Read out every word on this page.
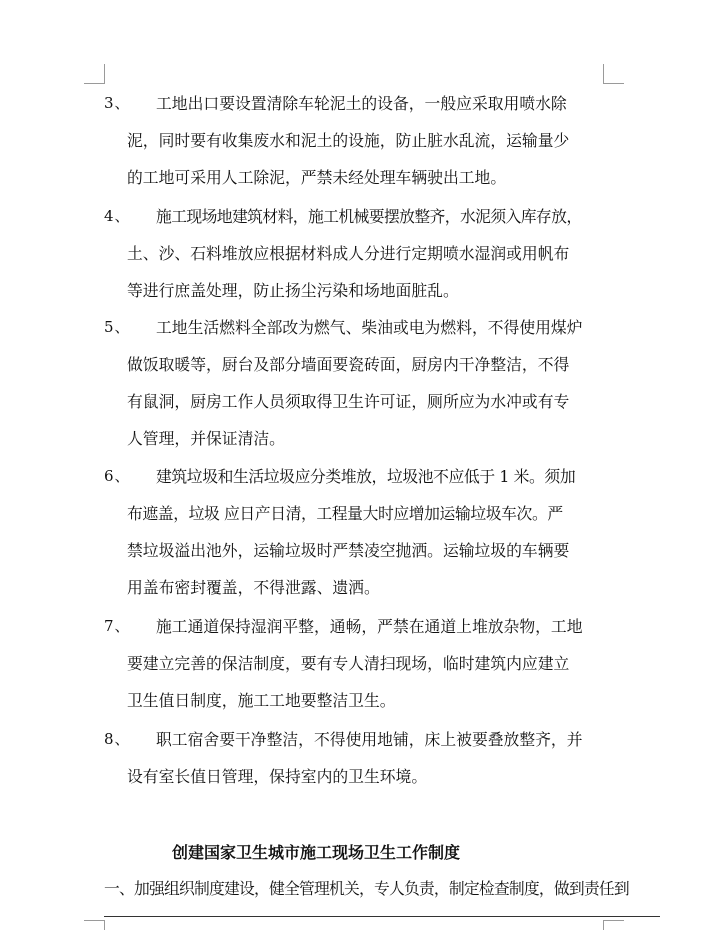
3、 工地出口要设置清除车轮泥土的设备，一般应采取用喷水除
泥，同时要有收集废水和泥土的设施，防止脏水乱流，运输量少
的工地可采用人工除泥，严禁未经处理车辆驶出工地。
4、 施工现场地建筑材料，施工机械要摆放整齐，水泥须入库存放，
土、沙、石料堆放应根据材料成人分进行定期喷水湿润或用帆布
等进行庶盖处理，防止扬尘污染和场地面脏乱。
5、 工地生活燃料全部改为燃气、柴油或电为燃料，不得使用煤炉
做饭取暖等，厨台及部分墙面要瓷砖面，厨房内干净整洁，不得
有鼠洞，厨房工作人员须取得卫生许可证，厕所应为水冲或有专
人管理，并保证清洁。
6、 建筑垃圾和生活垃圾应分类堆放，垃圾池不应低于 1 米。须加
布遮盖，垃圾 应日产日清，工程量大时应增加运输垃圾车次。严
禁垃圾溢出池外，运输垃圾时严禁凌空抛洒。运输垃圾的车辆要
用盖布密封覆盖，不得泄露、遗洒。
7、 施工通道保持湿润平整，通畅，严禁在通道上堆放杂物，工地
要建立完善的保洁制度，要有专人清扫现场，临时建筑内应建立
卫生值日制度，施工工地要整洁卫生。
8、 职工宿舍要干净整洁，不得使用地铺，床上被要叠放整齐，并
设有室长值日管理，保持室内的卫生环境。
创建国家卫生城市施工现场卫生工作制度
一、加强组织制度建设，健全管理机关，专人负责，制定检查制度，做到责任到
